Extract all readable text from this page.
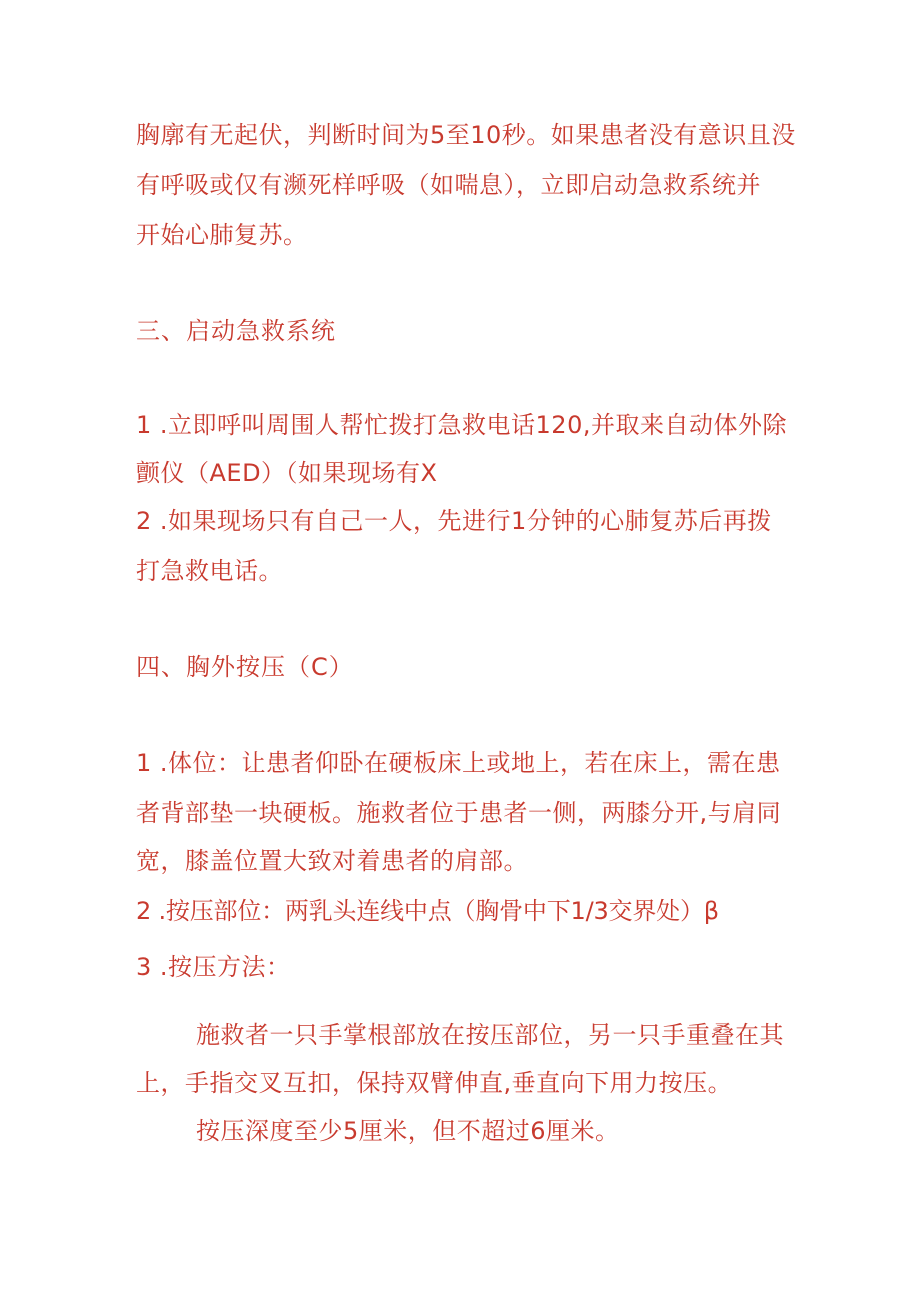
胸廓有无起伏，判断时间为5至10秒。如果患者没有意识且没
有呼吸或仅有濒死样呼吸（如喘息），立即启动急救系统并
开始心肺复苏。
三、启动急救系统
1 .立即呼叫周围人帮忙拨打急救电话120,并取来自动体外除
颤仪（AED）（如果现场有X
2 .如果现场只有自己一人，先进行1分钟的心肺复苏后再拨
打急救电话。
四、胸外按压（C）
1 .体位：让患者仰卧在硬板床上或地上，若在床上，需在患
者背部垫一块硬板。施救者位于患者一侧，两膝分开,与肩同
宽，膝盖位置大致对着患者的肩部。
2 .按压部位：两乳头连线中点（胸骨中下1/3交界处）β
3 .按压方法：
施救者一只手掌根部放在按压部位，另一只手重叠在其
上，手指交叉互扣，保持双臂伸直,垂直向下用力按压。
按压深度至少5厘米，但不超过6厘米。
